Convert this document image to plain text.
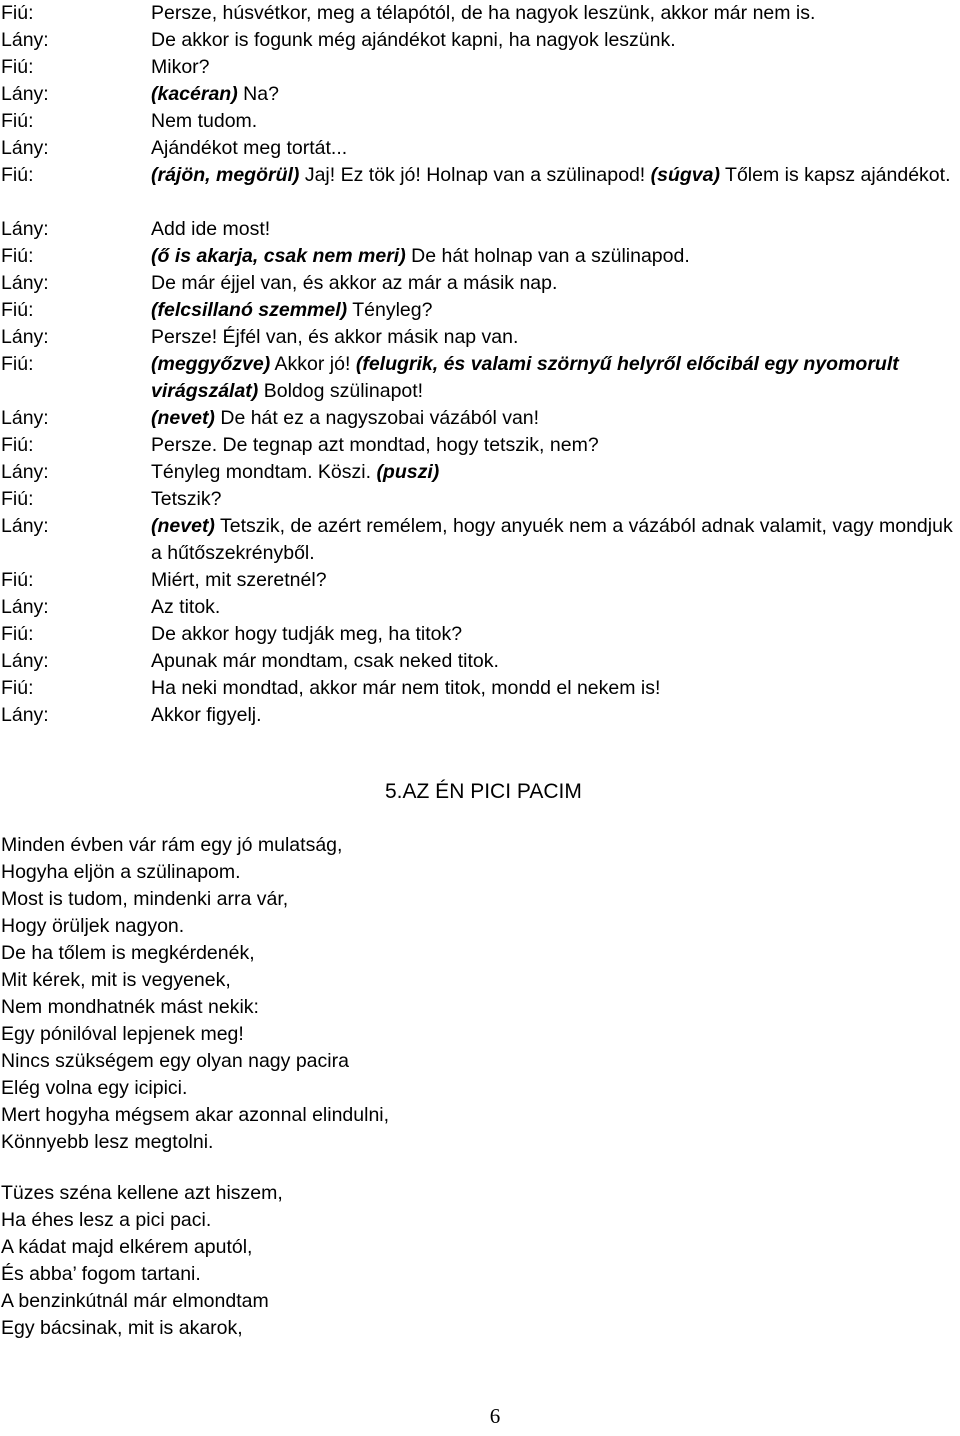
Fiú:	Persze, húsvétkor, meg a télapótól, de ha nagyok leszünk, akkor már nem is.
Lány:	De akkor is fogunk még ajándékot kapni, ha nagyok leszünk.
Fiú:	Mikor?
Lány:	(kacéran) Na?
Fiú:	Nem tudom.
Lány:	Ajándékot meg tortát...
Fiú:	(rájön, megörül) Jaj! Ez tök jó! Holnap van a szülinapod! (súgva) Tőlem is kapsz ajándékot.
Lány:	Add ide most!
Fiú:	(ő is akarja, csak nem meri) De hát holnap van a szülinapod.
Lány:	De már éjjel van, és akkor az már a másik nap.
Fiú:	(felcsillanó szemmel) Tényleg?
Lány:	Persze! Éjfél van, és akkor másik nap van.
Fiú:	(meggyőzve) Akkor jó! (felugrik, és valami szörnyű helyről előcibál egy nyomorult virágszálat) Boldog szülinapot!
Lány:	(nevet) De hát ez a nagyszobai vázából van!
Fiú:	Persze. De tegnap azt mondtad, hogy tetszik, nem?
Lány:	Tényleg mondtam. Köszi. (puszi)
Fiú:	Tetszik?
Lány:	(nevet) Tetszik, de azért remélem, hogy anyuék nem a vázából adnak valamit, vagy mondjuk a hűtőszekrényből.
Fiú:	Miért, mit szeretnél?
Lány:	Az titok.
Fiú:	De akkor hogy tudják meg, ha titok?
Lány:	Apunak már mondtam, csak neked titok.
Fiú:	Ha neki mondtad, akkor már nem titok, mondd el nekem is!
Lány:	Akkor figyelj.
5.AZ ÉN PICI PACIM
Minden évben vár rám egy jó mulatság,
Hogyha eljön a szülinapom.
Most is tudom, mindenki arra vár,
Hogy örüljek nagyon.
De ha tőlem is megkérdenék,
Mit kérek, mit is vegyenek,
Nem mondhatnék mást nekik:
Egy pónilóval lepjenek meg!
Nincs szükségem egy olyan nagy pacira
Elég volna egy icipici.
Mert hogyha mégsem akar azonnal elindulni,
Könnyebb lesz megtolni.
Tüzes széna kellene azt hiszem,
Ha éhes lesz a pici paci.
A kádat majd elkérem aputól,
És abba’ fogom tartani.
A benzinkútnál már elmondtam
Egy bácsinak, mit is akarok,
6
